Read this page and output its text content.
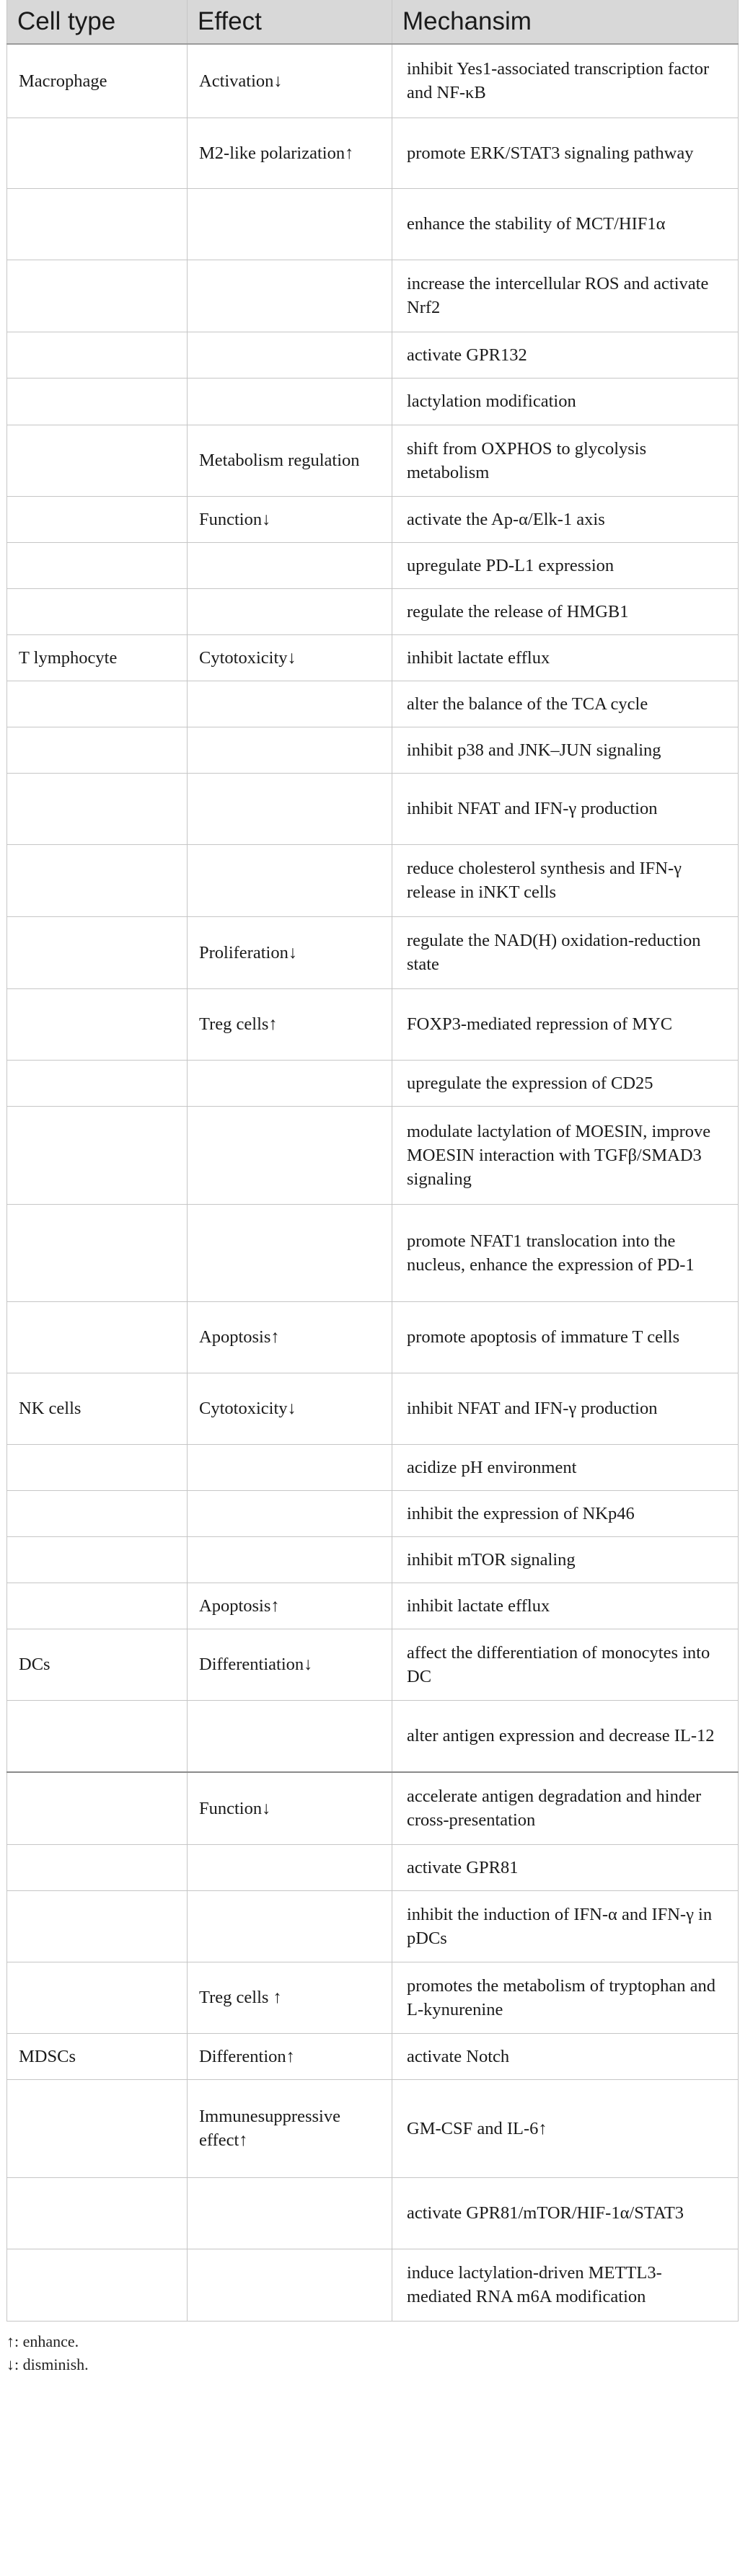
Cell type	Effect	Mechansim
Macrophage	Activation↓	inhibit Yes1-associated transcription factor and NF-κB
	M2-like polarization↑	promote ERK/STAT3 signaling pathway
		enhance the stability of MCT/HIF1α
		increase the intercellular ROS and activate Nrf2
		activate GPR132
		lactylation modification
	Metabolism regulation	shift from OXPHOS to glycolysis metabolism
	Function↓	activate the Ap-α/Elk-1 axis
		upregulate PD-L1 expression
		regulate the release of HMGB1
T lymphocyte	Cytotoxicity↓	inhibit lactate efflux
		alter the balance of the TCA cycle
		inhibit p38 and JNK–JUN signaling
		inhibit NFAT and IFN-γ production
		reduce cholesterol synthesis and IFN-γ release in iNKT cells
	Proliferation↓	regulate the NAD(H) oxidation-reduction state
	Treg cells↑	FOXP3-mediated repression of MYC
		upregulate the expression of CD25
		modulate lactylation of MOESIN, improve MOESIN interaction with TGFβ/SMAD3 signaling
		promote NFAT1 translocation into the nucleus, enhance the expression of PD-1
	Apoptosis↑	promote apoptosis of immature T cells
NK cells	Cytotoxicity↓	inhibit NFAT and IFN-γ production
		acidize pH environment
		inhibit the expression of NKp46
		inhibit mTOR signaling
	Apoptosis↑	inhibit lactate efflux
DCs	Differentiation↓	affect the differentiation of monocytes into DC
		alter antigen expression and decrease IL-12
	Function↓	accelerate antigen degradation and hinder cross-presentation
		activate GPR81
		inhibit the induction of IFN-α and IFN-γ in pDCs
	Treg cells ↑	promotes the metabolism of tryptophan and L-kynurenine
MDSCs	Differention↑	activate Notch
	Immunesuppressive effect↑	GM-CSF and IL-6↑
		activate GPR81/mTOR/HIF-1α/STAT3
		induce lactylation-driven METTL3-mediated RNA m6A modification
↑: enhance.
↓: disminish.
